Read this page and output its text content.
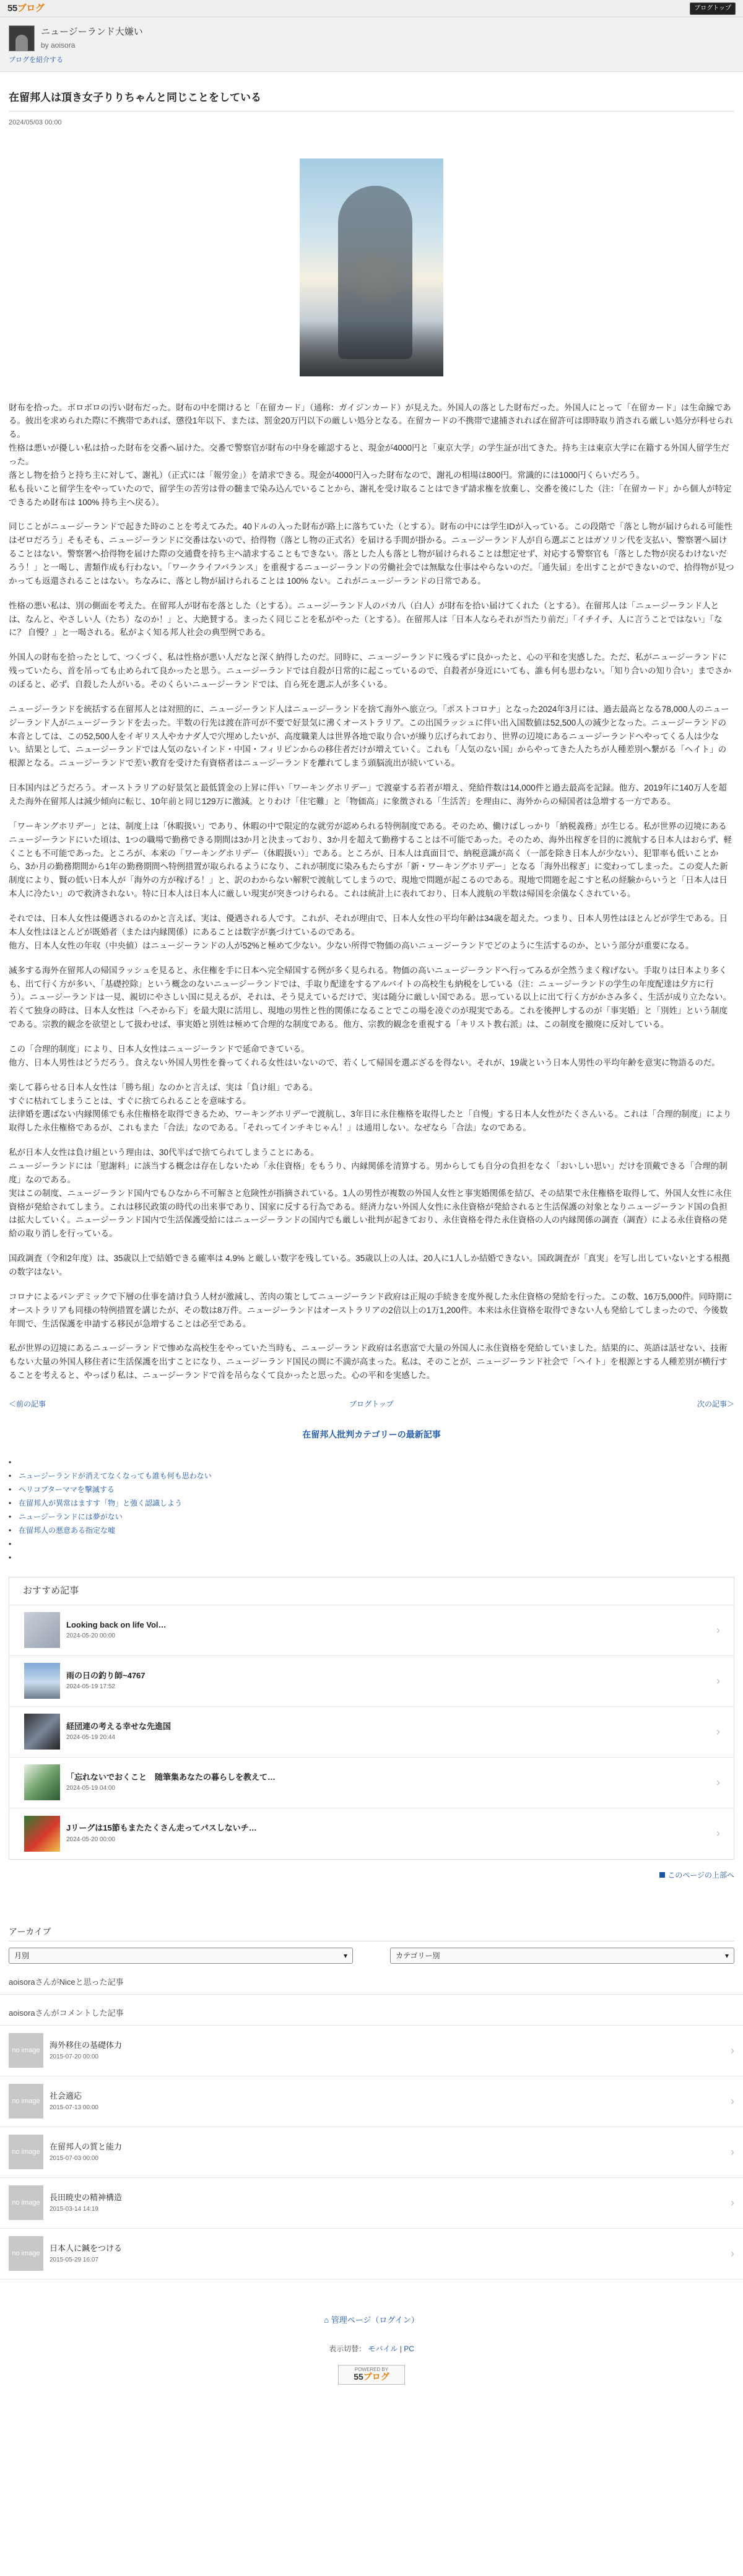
55ブログ	ブログトップ
ニュージーランド大嫌い
by aoisora
ブログを紹介する
在留邦人は頂き女子りりちゃんと同じことをしている
2024/05/03 00:00

財布を拾った。ボロボロの汚い財布だった。財布の中を開けると「在留カード」（通称：ガイジンカード）が見えた。外国人の落とした財布だった。外国人にとって「在留カード」は生命線である。彼出を求められた際に不携帯であれば、懲役1年以下、または、罰金20万円以下の厳しい処分となる。在留カードの不携帯で逮捕されれば在留許可は即時取り消される厳しい処分が科せられる。
性格は悪いが優しい私は拾った財布を交番へ届けた。交番で警察官が財布の中身を確認すると、現金が4000円と「東京大学」の学生証が出てきた。持ち主は東京大学に在籍する外国人留学生だった。
落とし物を拾うと持ち主に対して、謝礼）（正式には「報労金」）を請求できる。現金が4000円入った財布なので、謝礼の相場は800円。常識的には1000円くらいだろう。
私も長いこと留学生をやっていたので、留学生の苦労は骨の髄まで染み込んでいることから、謝礼を受け取ることはできず請求権を放棄し、交番を後にした（注：「在留カード」から個人が特定できるため財布は 100% 持ち主へ戻る）。

同じことがニュージーランドで起きた時のことを考えてみた。40ドルの入った財布が路上に落ちていた（とする）。財布の中には学生IDが入っている。この段階で「落とし物が届けられる可能性はゼロだろう」そもそも、ニュージーランドに交番はないので、拾得物（落とし物の正式名）を届ける手間が掛かる。ニュージーランド人が自ら選ぶことはガソリン代を支払い、警察署へ届けることはない。警察署へ拾得物を届けた際の交通費を持ち主へ請求することもできない。落とした人も落とし物が届けられることは想定せず、対応する警察官も「落とした物が戻るわけないだろう！」と一喝し、書類作成も行わない。「ワークライフバランス」を重視するニュージーランドの労働社会では無駄な仕事はやらないのだ。「通失届」を出すことができないので、拾得物が見つかっても返還されることはない。ちなみに、落とし物が届けられることは 100% ない。これがニュージーランドの日常である。

性格の悪い私は、別の側面を考えた。在留邦人が財布を落とした（とする）。ニュージーランド人のバカ八（白人）が財布を拾い届けてくれた（とする）。在留邦人は「ニュージーランド人とは、なんと、やさしい人（たち）なのか！」と、大絶賛する。まったく同じことを私がやった（とする）。在留邦人は「日本人ならそれが当たり前だ」「イチイチ、人に言うことではない」「なに？ 自慢？」と一喝される。私がよく知る邦人社会の典型例である。

外国人の財布を拾ったとして、つくづく、私は性格が悪い人だなと深く納得したのだ。同時に、ニュージーランドに残るずに良かったと、心の平和を実感した。ただ、私がニュージーランドに残っていたら、首を吊っても止められて良かったと思う。ニュージーランドでは自殺が日常的に起こっているので、自殺者が身近にいても、誰も何も思わない。「知り合いの知り合い」までさかのぼると、必ず、自殺した人がいる。そのくらいニュージーランドでは、自ら死を選ぶ人が多くいる。

ニュージーランドを統括する在留邦人とは対照的に、ニュージーランド人はニュージーランドを捨て海外へ旅立つ。「ポストコロナ」となった2024年3月には、過去最高となる78,000人のニュージーランド人がニュージーランドを去った。半数の行先は渡在許可が不要で好景気に沸くオーストラリア。この出国ラッシュに伴い出入国数値は52,500人の減少となった。ニュージーランドの本音としては、この52,500人をイギリス人やカナダ人で穴埋めしたいが、高度職業人は世界各地で取り合いが繰り広げられており、世界の辺境にあるニュージーランドへやってくる人は少ない。結果として、ニュージーランドでは人気のないインド・中国・フィリピンからの移住者だけが増えていく。これも「人気のない国」からやってきた人たちが人種差別へ繋がる「ヘイト」の根源となる。ニュージーランドで差い教育を受けた有資格者はニュージーランドを離れてしまう頭脳流出が続いている。

日本国内はどうだろう。オーストラリアの好景気と最低賃金の上昇に伴い「ワーキングホリデー」で渡豪する若者が増え、発給件数は14,000件と過去最高を記録。他方、2019年に140万人を超えた海外在留邦人は減少傾向に転じ、10年前と同じ129万に激減。とりわけ「住宅難」と「物価高」に象徴される「生活苦」を理由に、海外からの帰国者は急増する一方である。

「ワーキングホリデー」とは、制度上は「休暇扱い」であり、休暇の中で限定的な就労が認められる特例制度である。そのため、働けばしっかり「納税義務」が生じる。私が世界の辺境にあるニュージーランドにいた頃は、1つの職場で勤務できる期間は3か月と決まっており、3か月を超えて勤務することは不可能であった。そのため、海外出稼ぎを目的に渡航する日本人はおらず、軽くことも不可能であった。ところが、本来の「ワーキングホリデー（休暇扱い）」である。ところが、日本人は真面目で、納税意識が高く（一部を除き日本人が少ない）、犯罪率も低いことから、3か月の勤務期間から1年の勤務期間へ特例措置が取られるようになり、これが制度に染みもたらすが「新・ワーキングホリデー」となる「海外出稼ぎ」に変わってしまった。この変人た新制度により、賢の低い日本人が「海外の方が稼げる！」と、訳のわからない解釈で渡航してしまうので、現地で問題が起こるのである。現地で問題を起こすと私の経験からいうと「日本人は日本人に冷たい」ので救済されない。特に日本人は日本人に厳しい現実が突きつけられる。これは統計上に表れており、日本人渡航の半数は帰国を余儀なくされている。

それでは、日本人女性は優遇されるのかと言えば、実は、優遇される人です。これが、それが理由で、日本人女性の平均年齢は34歳を超えた。つまり、日本人男性はほとんどが学生である。日本人女性はほとんどが既婚者（または内縁関係）にあることは数字が裏づけているのである。
他方、日本人女性の年収（中央値）はニュージーランドの人が52%と極めて少ない。少ない所得で物価の高いニュージーランドでどのように生活するのか、という部分が重要になる。

滅多する海外在留邦人の帰国ラッシュを見ると、永住権を手に日本へ完全帰国する例が多く見られる。物価の高いニュージーランドへ行ってみるが全然うまく稼げない。手取りは日本より多くも、出て行く方が多い、「基礎控除」という概念のないニュージーランドでは、手取り配達をするアルバイトの高校生も納税をしている（注：ニュージーランドの学生の年度配達は夕方に行う）。ニュージーランドは一見、親切にやさしい国に見えるが、それは、そう見えているだけで、実は随分に厳しい国である。思っている以上に出て行く方がかさみ多く、生活が成り立たない。若くて独身の時は、日本人女性は「ヘそから下」を最大限に活用し、現地の男性と性的関係になることでこの場を凌ぐのが現実である。これを後押しするのが「事実婚」と「別姓」という制度である。宗教的観念を欲望として扱わせば、事実婚と別姓は極めて合理的な制度である。他方、宗教的観念を重視する「キリスト教右派」は、この制度を撤廃に反対している。

この「合理的制度」により、日本人女性はニュージーランドで延命できている。
他方、日本人男性はどうだろう。食えない外国人男性を養ってくれる女性はいないので、若くして帰国を選ぶざるを得ない。それが、19歳という日本人男性の平均年齢を意実に物語るのだ。

楽して暮らせる日本人女性は「勝ち組」なのかと言えば、実は「負け組」である。
すぐに枯れてしまうことは、すぐに捨てられることを意味する。
法律婚を選ばない内縁関係でも永住権格を取得できるため、ワーキングホリデーで渡航し、3年目に永住権格を取得したと「自慢」する日本人女性がたくさんいる。これは「合理的制度」により取得した永住権格であるが、これもまた「合法」なのである。「それってインチキじゃん！」は通用しない。なぜなら「合法」なのである。

私が日本人女性は負け組という理由は、30代半ばで捨てられてしまうことにある。
ニュージーランドには「慰謝料」に該当する概念は存在しないため「永住資格」をもうり、内縁関係を清算する。男からしても自分の負担をなく「おいしい思い」だけを頂戴できる「合理的制度」なのである。
実はこの制度、ニュージーランド国内でもひなから不可解さと危険性が指摘されている。1人の男性が複数の外国人女性と事実婚関係を結び、その結果で永住権格を取得して、外国人女性に永住資格が発給されてしまう。これは移民政策の時代の出来事であり、国家に反する行為である。経済力ない外国人女性に永住資格が発給されると生活保護の対象となりニュージーランド国の負担は拡大していく。ニュージーランド国内で生活保護受給にはニュージーランドの国内でも厳しい批判が起きており、永住資格を得た永住資格の人の内縁関係の調査（調査）による永住資格の発給の取り消しを行っている。

国政調査（令和2年度）は、35歳以上で結婚できる確率は 4.9% と厳しい数字を残している。35歳以上の人は、20人に1人しか結婚できない。国政調査が「真実」を写し出していないとする根拠の数字はない。

コロナによるパンデミックで下層の仕事を請け負う人材が激減し、苦肉の策としてニュージーランド政府は正規の手続きを度外視した永住資格の発給を行った。この数、16万5,000件。同時期にオーストラリアも同様の特例措置を講じたが、その数は8万件。ニュージーランドはオーストラリアの2倍以上の1万1,200件。本来は永住資格を取得できない人も発給してしまったので、今後数年間で、生活保護を申請する移民が急増することは必至である。

私が世界の辺境にあるニュージーランドで惨めな高校生をやっていた当時も、ニュージーランド政府は名恵富で大量の外国人に永住資格を発給していました。結果的に、英語は話せない、技術もない大量の外国人移住者に生活保護を出すことになり、ニュージーランド国民の間に不満が高まった。私は、そのことが、ニュージーランド社会で「ヘイト」を根源とする人種差別が横行することを考えると、やっぱり私は、ニュージーランドで首を吊らなくて良かったと思った。心の平和を実感した。

＜前の記事	ブログトップ	次の記事＞
在留邦人批判カテゴリーの最新記事
•
• ニュージーランドが消えてなくなっても誰も何も思わない
• ヘリコプターママを撃滅する
• 在留邦人が異常はますす「物」と強く認識しよう
• ニュージーランドには夢がない
• 在留邦人の悪意ある指定な嘘
•
•
おすすめ記事
Looking back on life Vol…
2024-05-20 00:00
›
雨の日の釣り師~4767
2024-05-19 17:52
›
経団連の考える幸せな先進国
2024-05-19 20:44
›
「忘れないでおくこと　随筆集あなたの暮らしを教えて…
2024-05-19 04:00
›
Jリーグは15節もまたたくさん走ってパスしないチ…
2024-05-20 00:00
›
このページの上部へ
アーカイブ
月別	▾	カテゴリー別	▾
aoisoraさんがNiceと思った記事
aoisoraさんがコメントした記事
no image
海外移住の基礎体力
2015-07-20 00:00
›
no image
社会適応
2015-07-13 00:00
›
no image
在留邦人の質と能力
2015-07-03 00:00
›
no image
長田暁史の精神構造
2015-03-14 14:19
›
no image
日本人に鍼をつける
2015-05-29 16:07
›
⌂ 管理ページ（ログイン）
表示切替： モバイル | PC
POWERED BY
55ブログ
